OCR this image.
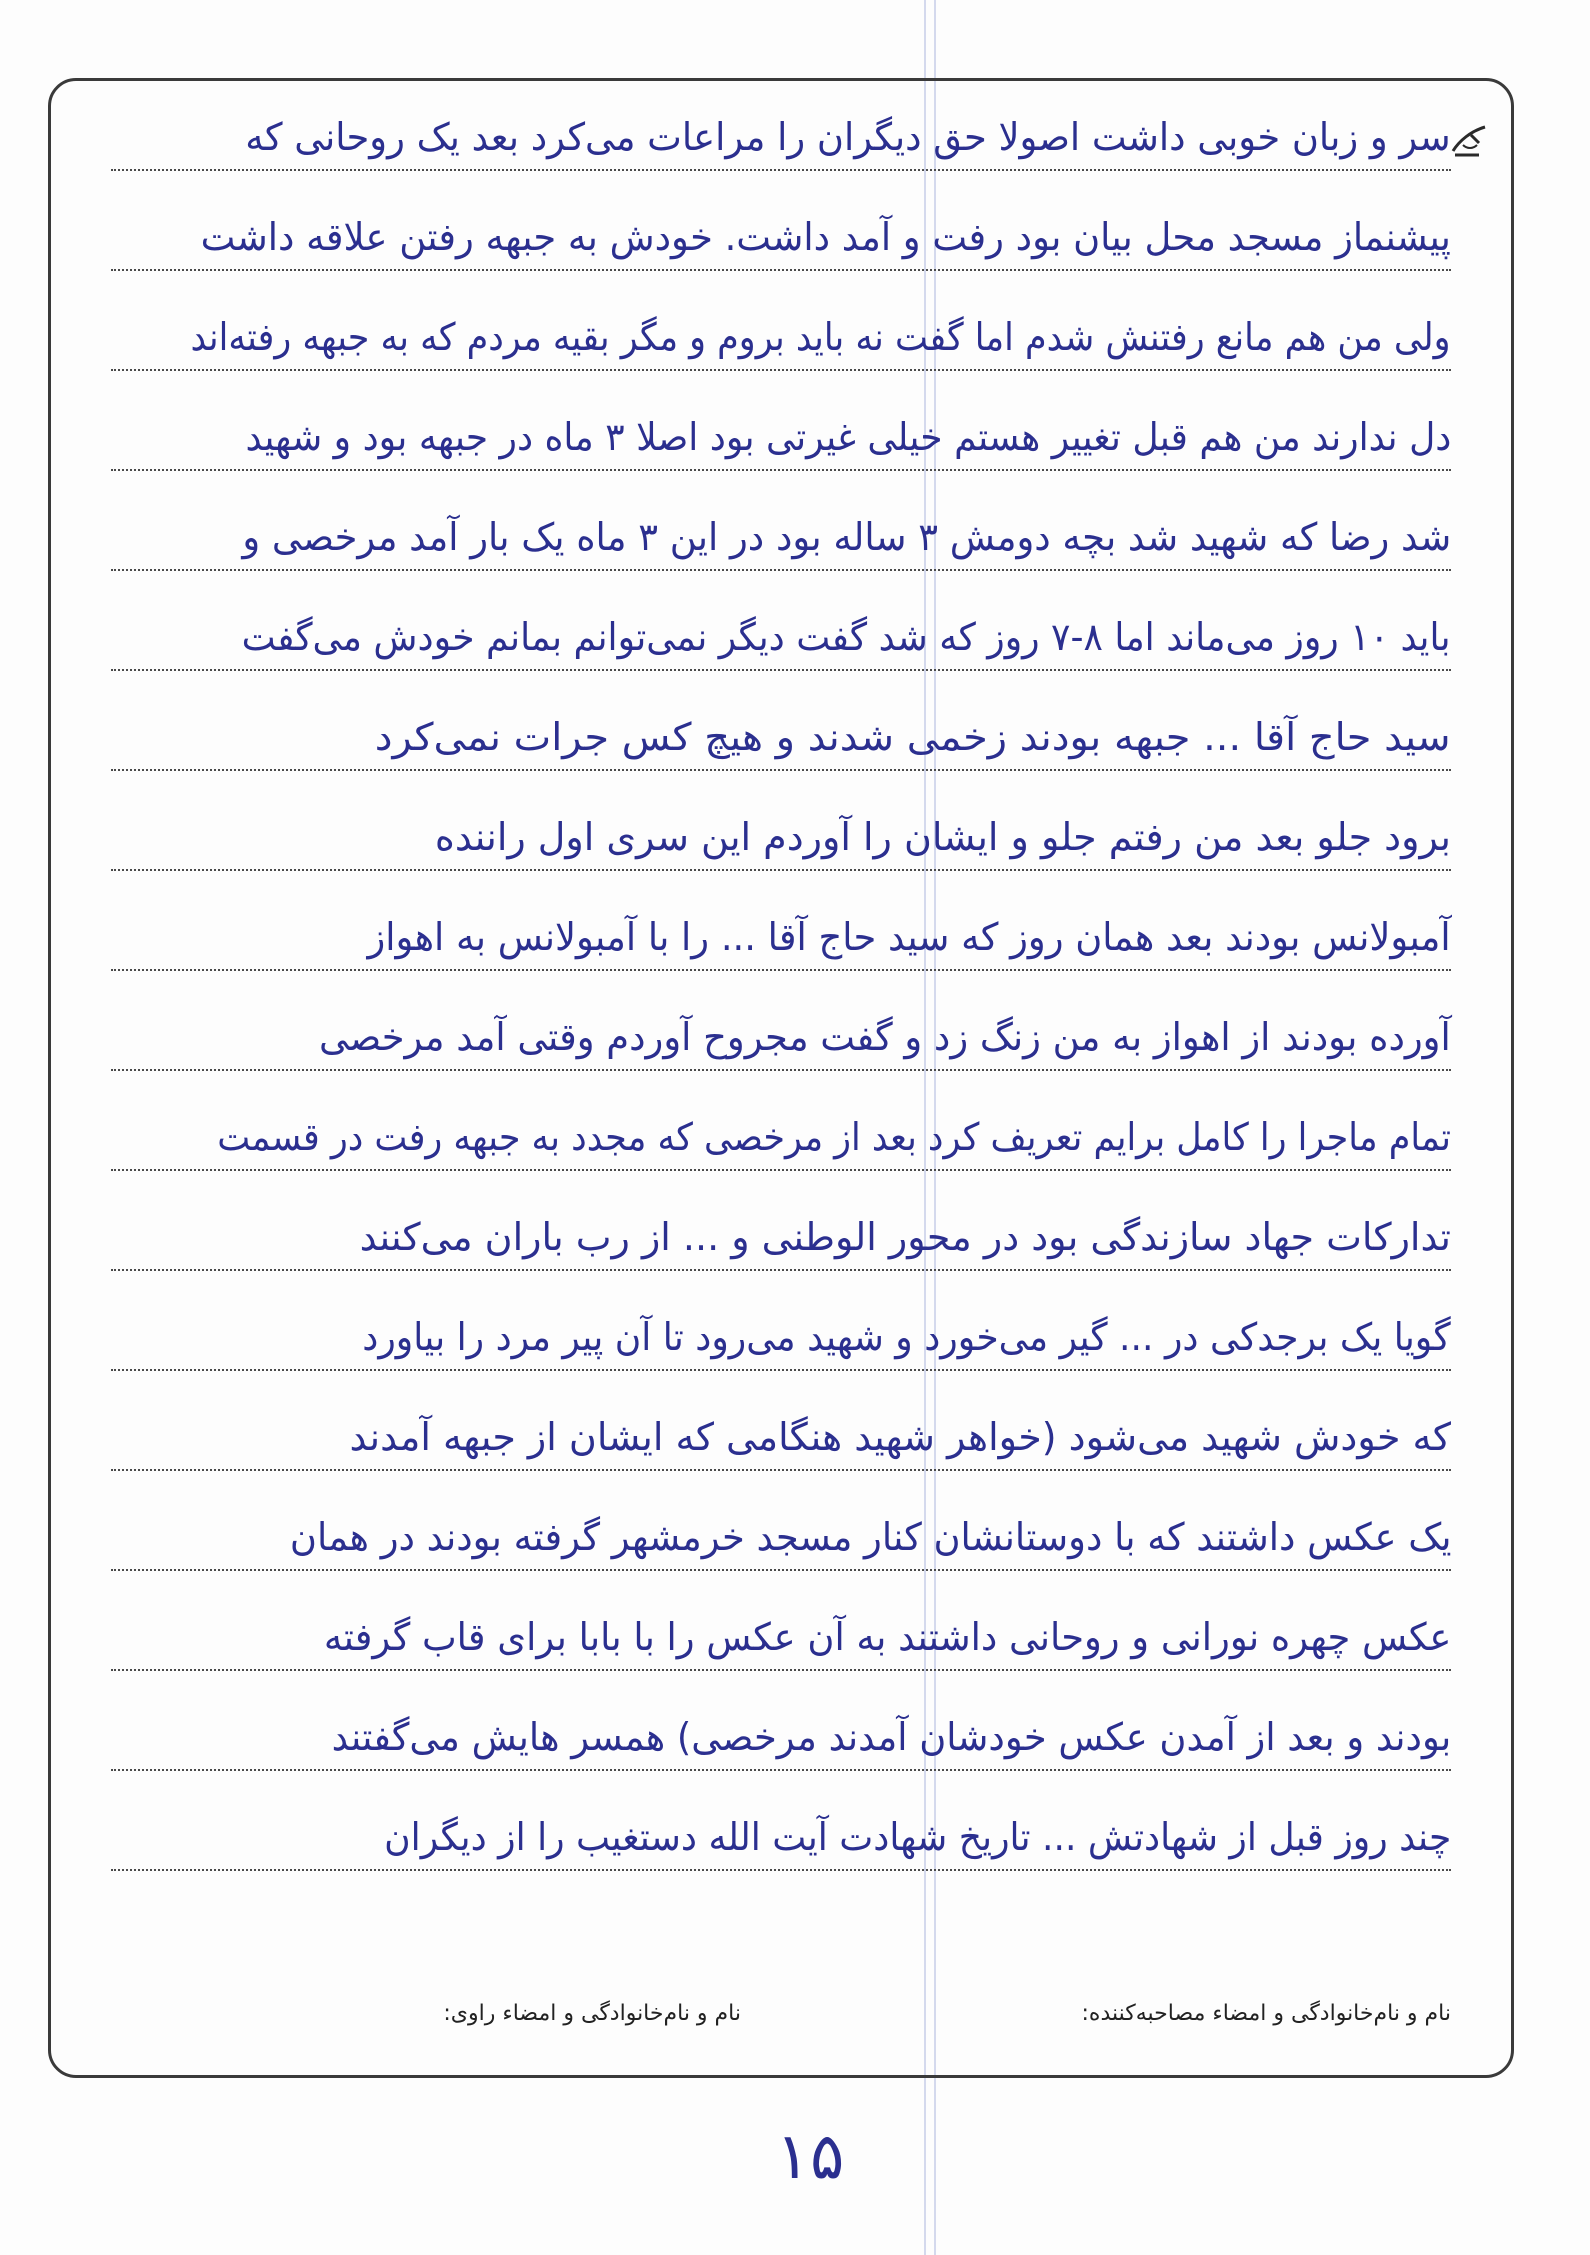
سر و زبان خوبی داشت اصولا حق دیگران را مراعات می‌کرد بعد یک روحانی که
پیشنماز مسجد محل بیان بود رفت و آمد داشت. خودش به جبهه رفتن علاقه داشت
ولی من هم مانع رفتنش شدم اما گفت نه باید بروم و مگر بقیه مردم که به جبهه رفته‌اند
دل ندارند من هم قبل تغییر هستم خیلی غیرتی بود اصلا ۳ ماه در جبهه بود و شهید
شد رضا که شهید شد بچه دومش ۳ ساله بود در این ۳ ماه یک بار آمد مرخصی و
باید ۱۰ روز می‌ماند اما ۸-۷ روز که شد گفت دیگر نمی‌توانم بمانم خودش می‌گفت
سید حاج آقا ... جبهه بودند زخمی شدند و هیچ کس جرات نمی‌کرد
برود جلو بعد من رفتم جلو و ایشان را آوردم این سری اول راننده
آمبولانس بودند بعد همان روز که سید حاج آقا ... را با آمبولانس به اهواز
آورده بودند از اهواز به من زنگ زد و گفت مجروح آوردم وقتی آمد مرخصی
تمام ماجرا را کامل برایم تعریف کرد بعد از مرخصی که مجدد به جبهه رفت در قسمت
تدارکات جهاد سازندگی بود در محور الوطنی و ... از رب باران می‌کنند
گویا یک برجدکی در ... گیر می‌خورد و شهید می‌رود تا آن پیر مرد را بیاورد
که خودش شهید می‌شود (خواهر شهید هنگامی که ایشان از جبهه آمدند
یک عکس داشتند که با دوستانشان کنار مسجد خرمشهر گرفته بودند در همان
عکس چهره نورانی و روحانی داشتند به آن عکس را با بابا برای قاب گرفته
بودند و بعد از آمدن عکس خودشان آمدند مرخصی) همسر هایش می‌گفتند
چند روز قبل از شهادتش ... تاریخ شهادت آیت الله دستغیب را از دیگران
نام و نام‌خانوادگی و امضاء مصاحبه‌کننده:
نام و نام‌خانوادگی و امضاء راوی:
۱۵
